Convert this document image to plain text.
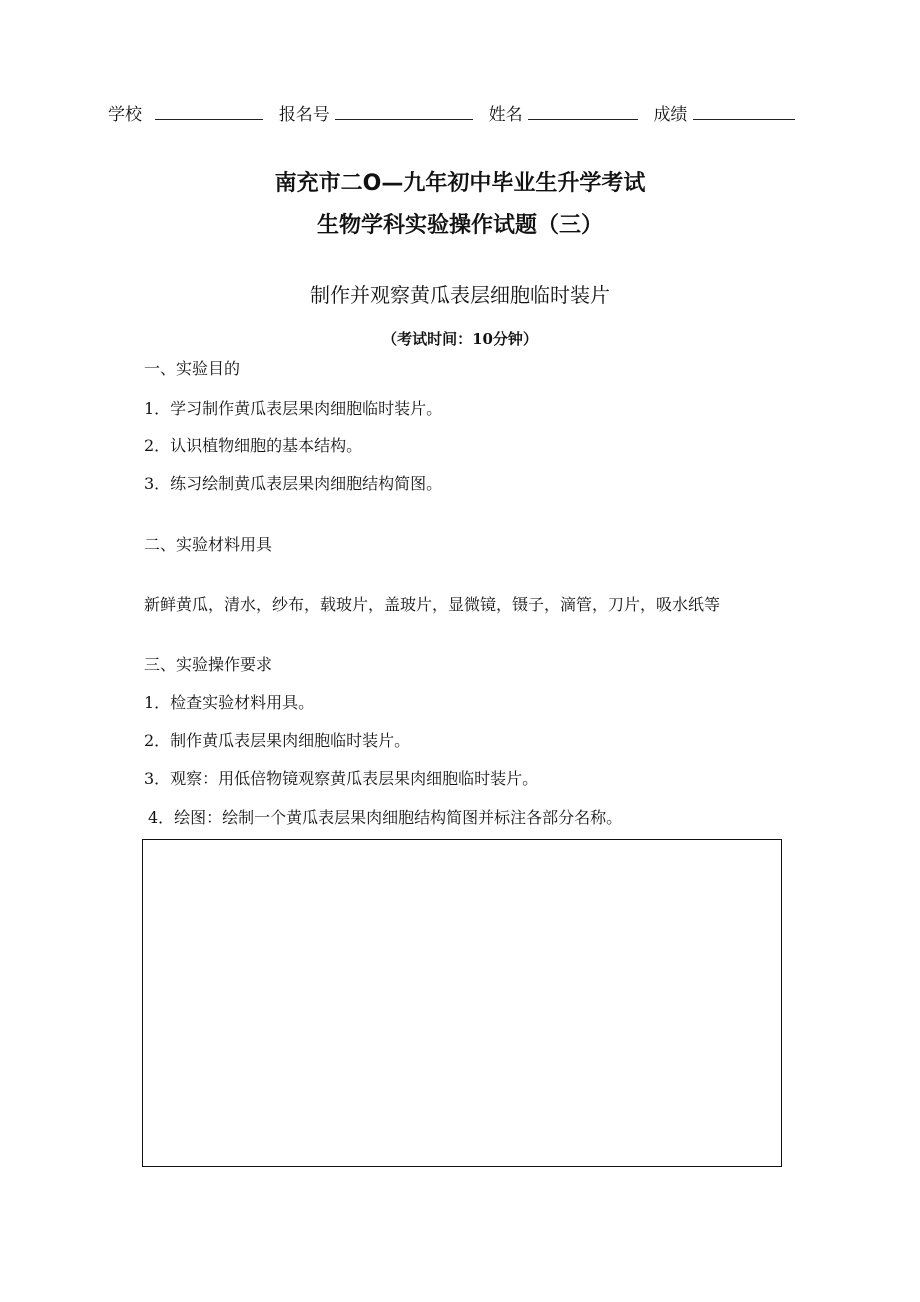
学校	报名号	姓名	成绩
南充市二O—九年初中毕业生升学考试
生物学科实验操作试题（三）
制作并观察黄瓜表层细胞临时装片
（考试时间：10分钟）
一、实验目的
1．学习制作黄瓜表层果肉细胞临时装片。
2．认识植物细胞的基本结构。
3．练习绘制黄瓜表层果肉细胞结构简图。
二、实验材料用具
新鲜黄瓜，清水，纱布，载玻片，盖玻片，显微镜，镊子，滴管，刀片，吸水纸等
三、实验操作要求
1．检查实验材料用具。
2．制作黄瓜表层果肉细胞临时装片。
3．观察：用低倍物镜观察黄瓜表层果肉细胞临时装片。
4．绘图：绘制一个黄瓜表层果肉细胞结构简图并标注各部分名称。
